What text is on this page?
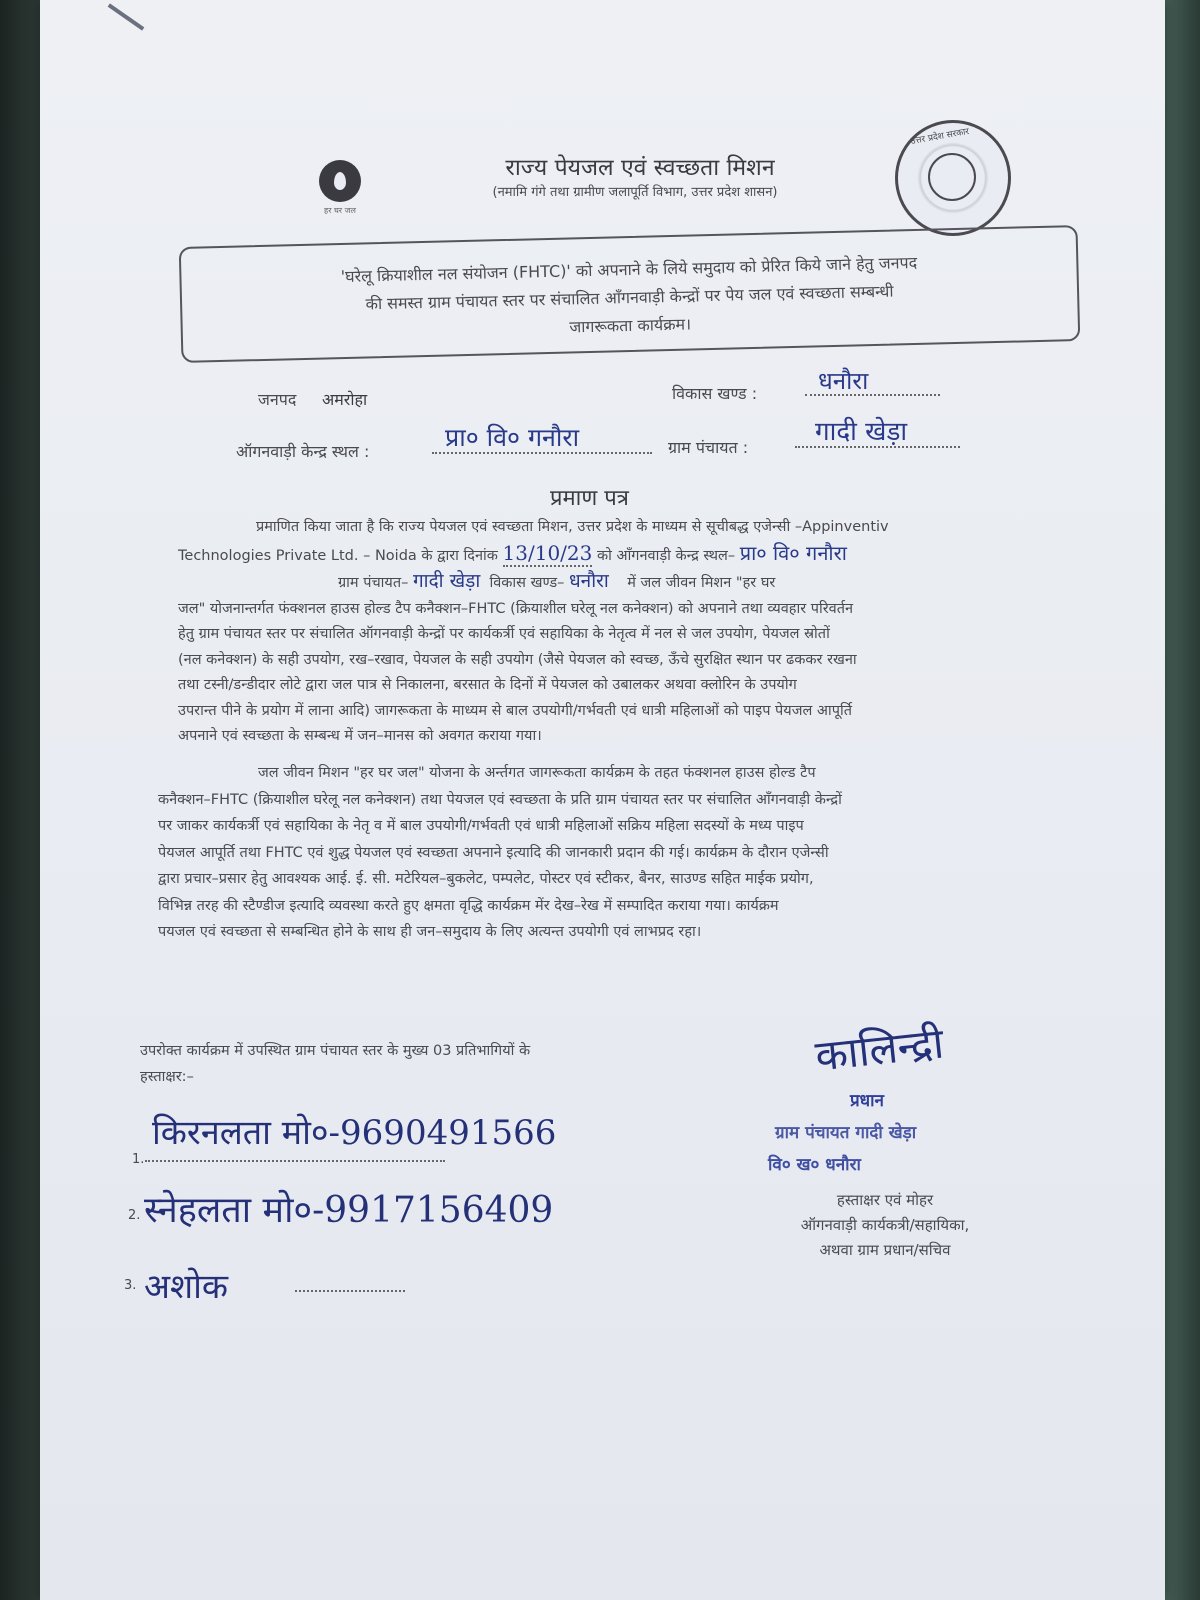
हर घर जल
उत्तर प्रदेश सरकार
राज्य पेयजल एवं स्वच्छता मिशन
(नमामि गंगे तथा ग्रामीण जलापूर्ति विभाग, उत्तर प्रदेश शासन)

'घरेलू क्रियाशील नल संयोजन (FHTC)' को अपनाने के लिये समुदाय को प्रेरित किये जाने हेतु जनपद
की समस्त ग्राम पंचायत स्तर पर संचालित आँगनवाड़ी केन्द्रों पर पेय जल एवं स्वच्छता सम्बन्धी
जागरूकता कार्यक्रम।

जनपद अमरोहा	विकास खण्ड :	धनौरा
ऑगनवाड़ी केन्द्र स्थल :	प्रा० वि० गनौरा	ग्राम पंचायत :
गादी खेड़ा
प्रमाण पत्र
प्रमाणित किया जाता है कि राज्य पेयजल एवं स्वच्छता मिशन, उत्तर प्रदेश के माध्यम से सूचीबद्ध एजेन्सी –Appinventiv
Technologies Private Ltd. – Noida के द्वारा दिनांक 13/10/23 को आँगनवाड़ी केन्द्र स्थल– प्रा० वि० गनौरा
ग्राम पंचायत– गादी खेड़ा विकास खण्ड– धनौरा में जल जीवन मिशन "हर घर
जल" योजनान्तर्गत फंक्शनल हाउस होल्ड टैप कनैक्शन–FHTC (क्रियाशील घरेलू नल कनेक्शन) को अपनाने तथा व्यवहार परिवर्तन
हेतु ग्राम पंचायत स्तर पर संचालित ऑगनवाड़ी केन्द्रों पर कार्यकर्त्री एवं सहायिका के नेतृत्व में नल से जल उपयोग, पेयजल स्रोतों
(नल कनेक्शन) के सही उपयोग, रख–रखाव, पेयजल के सही उपयोग (जैसे पेयजल को स्वच्छ, ऊँचे सुरक्षित स्थान पर ढककर रखना
तथा टस्नी/डन्डीदार लोटे द्वारा जल पात्र से निकालना, बरसात के दिनों में पेयजल को उबालकर अथवा क्लोरिन के उपयोग
उपरान्त पीने के प्रयोग में लाना आदि) जागरूकता के माध्यम से बाल उपयोगी/गर्भवती एवं धात्री महिलाओं को पाइप पेयजल आपूर्ति
अपनाने एवं स्वच्छता के सम्बन्ध में जन–मानस को अवगत कराया गया।
जल जीवन मिशन "हर घर जल" योजना के अर्न्तगत जागरूकता कार्यक्रम के तहत फंक्शनल हाउस होल्ड टैप
कनैक्शन–FHTC (क्रियाशील घरेलू नल कनेक्शन) तथा पेयजल एवं स्वच्छता के प्रति ग्राम पंचायत स्तर पर संचालित आँगनवाड़ी केन्द्रों
पर जाकर कार्यकर्त्री एवं सहायिका के नेतृ व में बाल उपयोगी/गर्भवती एवं धात्री महिलाओं सक्रिय महिला सदस्यों के मध्य पाइप
पेयजल आपूर्ति तथा FHTC एवं शुद्ध पेयजल एवं स्वच्छता अपनाने इत्यादि की जानकारी प्रदान की गई। कार्यक्रम के दौरान एजेन्सी
द्वारा प्रचार–प्रसार हेतु आवश्यक आई. ई. सी. मटेरियल–बुकलेट, पम्पलेट, पोस्टर एवं स्टीकर, बैनर, साउण्ड सहित माईक प्रयोग,
विभिन्न तरह की स्टैण्डीज इत्यादि व्यवस्था करते हुए क्षमता वृद्धि कार्यक्रम मेंर देख–रेख में सम्पादित कराया गया। कार्यक्रम
पयजल एवं स्वच्छता से सम्बन्धित होने के साथ ही जन–समुदाय के लिए अत्यन्त उपयोगी एवं लाभप्रद रहा।
उपरोक्त कार्यक्रम में उपस्थित ग्राम पंचायत स्तर के मुख्य 03 प्रतिभागियों के
हस्ताक्षर:–
1.
किरनलता मो०-9690491566
2. स्नेहलता मो०-9917156409
3. अशोक
कालिन्द्री
प्रधान
ग्राम पंचायत गादी खेड़ा
वि० ख० धनौरा
हस्ताक्षर एवं मोहर
ऑगनवाड़ी कार्यकत्री/सहायिका,
अथवा ग्राम प्रधान/सचिव
